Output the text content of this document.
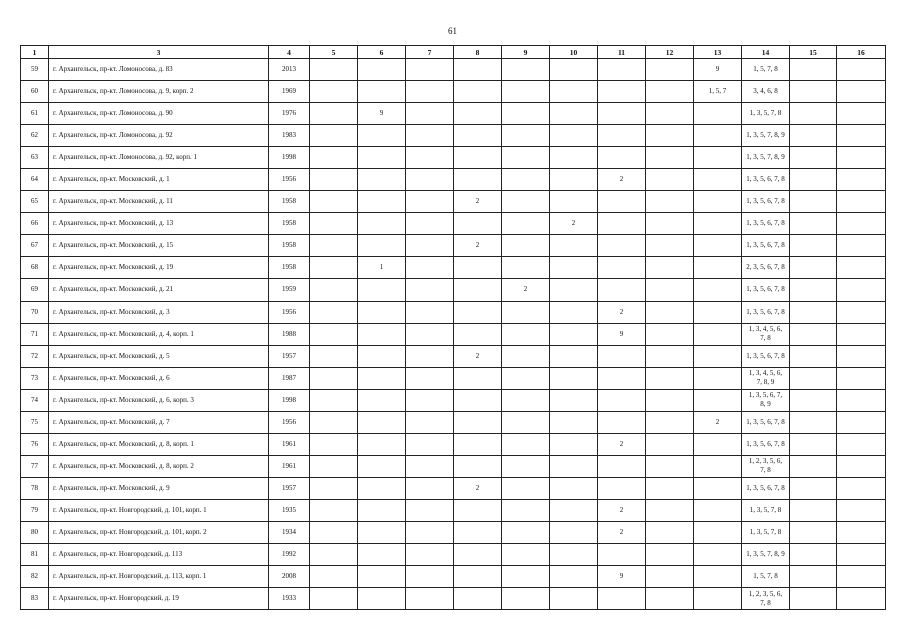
61
1	3	4	5	6	7	8	9	10	11	12	13	14	15	16
59	г. Архангельск, пр-кт. Ломоносова, д. 83	2013									9	1, 5, 7, 8		
60	г. Архангельск, пр-кт. Ломоносова, д. 9, корп. 2	1969									1, 5, 7	3, 4, 6, 8		
61	г. Архангельск, пр-кт. Ломоносова, д. 90	1976		9								1, 3, 5, 7, 8		
62	г. Архангельск, пр-кт. Ломоносова, д. 92	1983										1, 3, 5, 7, 8, 9		
63	г. Архангельск, пр-кт. Ломоносова, д. 92, корп. 1	1998										1, 3, 5, 7, 8, 9		
64	г. Архангельск, пр-кт. Московский, д. 1	1956							2			1, 3, 5, 6, 7, 8		
65	г. Архангельск, пр-кт. Московский, д. 11	1958				2						1, 3, 5, 6, 7, 8		
66	г. Архангельск, пр-кт. Московский, д. 13	1958						2				1, 3, 5, 6, 7, 8		
67	г. Архангельск, пр-кт. Московский, д. 15	1958				2						1, 3, 5, 6, 7, 8		
68	г. Архангельск, пр-кт. Московский, д. 19	1958		1								2, 3, 5, 6, 7, 8		
69	г. Архангельск, пр-кт. Московский, д. 21	1959					2					1, 3, 5, 6, 7, 8		
70	г. Архангельск, пр-кт. Московский, д. 3	1956							2			1, 3, 5, 6, 7, 8		
71	г. Архангельск, пр-кт. Московский, д. 4, корп. 1	1988							9			1, 3, 4, 5, 6, 7, 8		
72	г. Архангельск, пр-кт. Московский, д. 5	1957				2						1, 3, 5, 6, 7, 8		
73	г. Архангельск, пр-кт. Московский, д. 6	1987										1, 3, 4, 5, 6, 7, 8, 9		
74	г. Архангельск, пр-кт. Московский, д. 6, корп. 3	1998										1, 3, 5, 6, 7, 8, 9		
75	г. Архангельск, пр-кт. Московский, д. 7	1956									2	1, 3, 5, 6, 7, 8		
76	г. Архангельск, пр-кт. Московский, д. 8, корп. 1	1961							2			1, 3, 5, 6, 7, 8		
77	г. Архангельск, пр-кт. Московский, д. 8, корп. 2	1961										1, 2, 3, 5, 6, 7, 8		
78	г. Архангельск, пр-кт. Московский, д. 9	1957				2						1, 3, 5, 6, 7, 8		
79	г. Архангельск, пр-кт. Новгородский, д. 101, корп. 1	1935							2			1, 3, 5, 7, 8		
80	г. Архангельск, пр-кт. Новгородский, д. 101, корп. 2	1934							2			1, 3, 5, 7, 8		
81	г. Архангельск, пр-кт. Новгородский, д. 113	1992										1, 3, 5, 7, 8, 9		
82	г. Архангельск, пр-кт. Новгородский, д. 113, корп. 1	2008							9			1, 5, 7, 8		
83	г. Архангельск, пр-кт. Новгородский, д. 19	1933										1, 2, 3, 5, 6, 7, 8		
